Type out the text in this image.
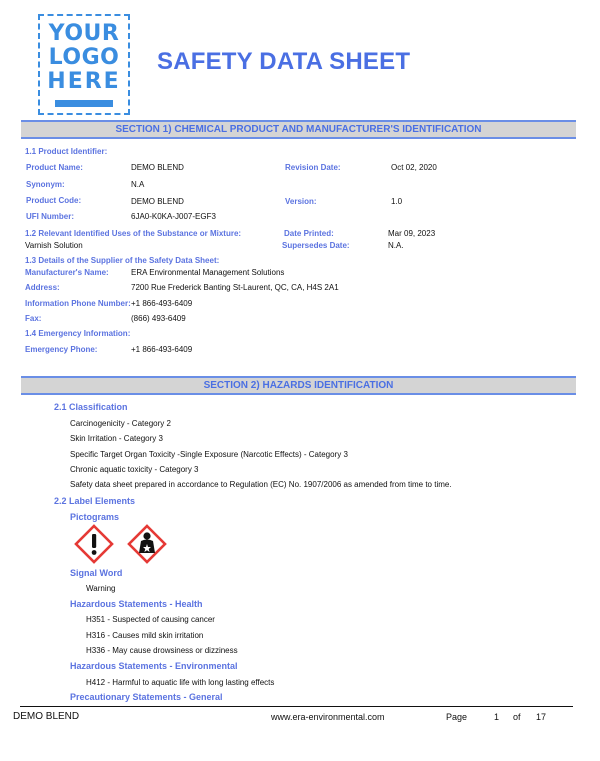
YOUR
LOGO
HERE
SAFETY DATA SHEET
SECTION 1) CHEMICAL PRODUCT AND MANUFACTURER'S IDENTIFICATION
1.1 Product Identifier:
Product Name:	DEMO BLEND	Revision Date:	Oct 02, 2020
Synonym:	N.A
Product Code:	DEMO BLEND	Version:	1.0
UFI Number:	6JA0-K0KA-J007-EGF3
1.2 Relevant Identified Uses of the Substance or Mixture:
Varnish Solution
Date Printed:	Mar 09, 2023
Supersedes Date:	N.A.
1.3 Details of the Supplier of the Safety Data Sheet:
Manufacturer's Name:	ERA Environmental Management Solutions
Address:	7200 Rue Frederick Banting St-Laurent, QC, CA, H4S 2A1
Information Phone Number: +1 866-493-6409
Fax:	(866) 493-6409
1.4 Emergency Information:
Emergency Phone:	+1 866-493-6409
SECTION 2) HAZARDS IDENTIFICATION
2.1 Classification
Carcinogenicity - Category 2
Skin Irritation - Category 3
Specific Target Organ Toxicity -Single Exposure (Narcotic Effects) - Category 3
Chronic aquatic toxicity - Category 3
Safety data sheet prepared in accordance to Regulation (EC) No. 1907/2006 as amended from time to time.
2.2 Label Elements
Pictograms
Signal Word
Warning
Hazardous Statements - Health
H351 - Suspected of causing cancer
H316 - Causes mild skin irritation
H336 - May cause drowsiness or dizziness
Hazardous Statements - Environmental
H412 - Harmful to aquatic life with long lasting effects
Precautionary Statements - General
DEMO BLEND	www.era-environmental.com	Page	1 of 17
